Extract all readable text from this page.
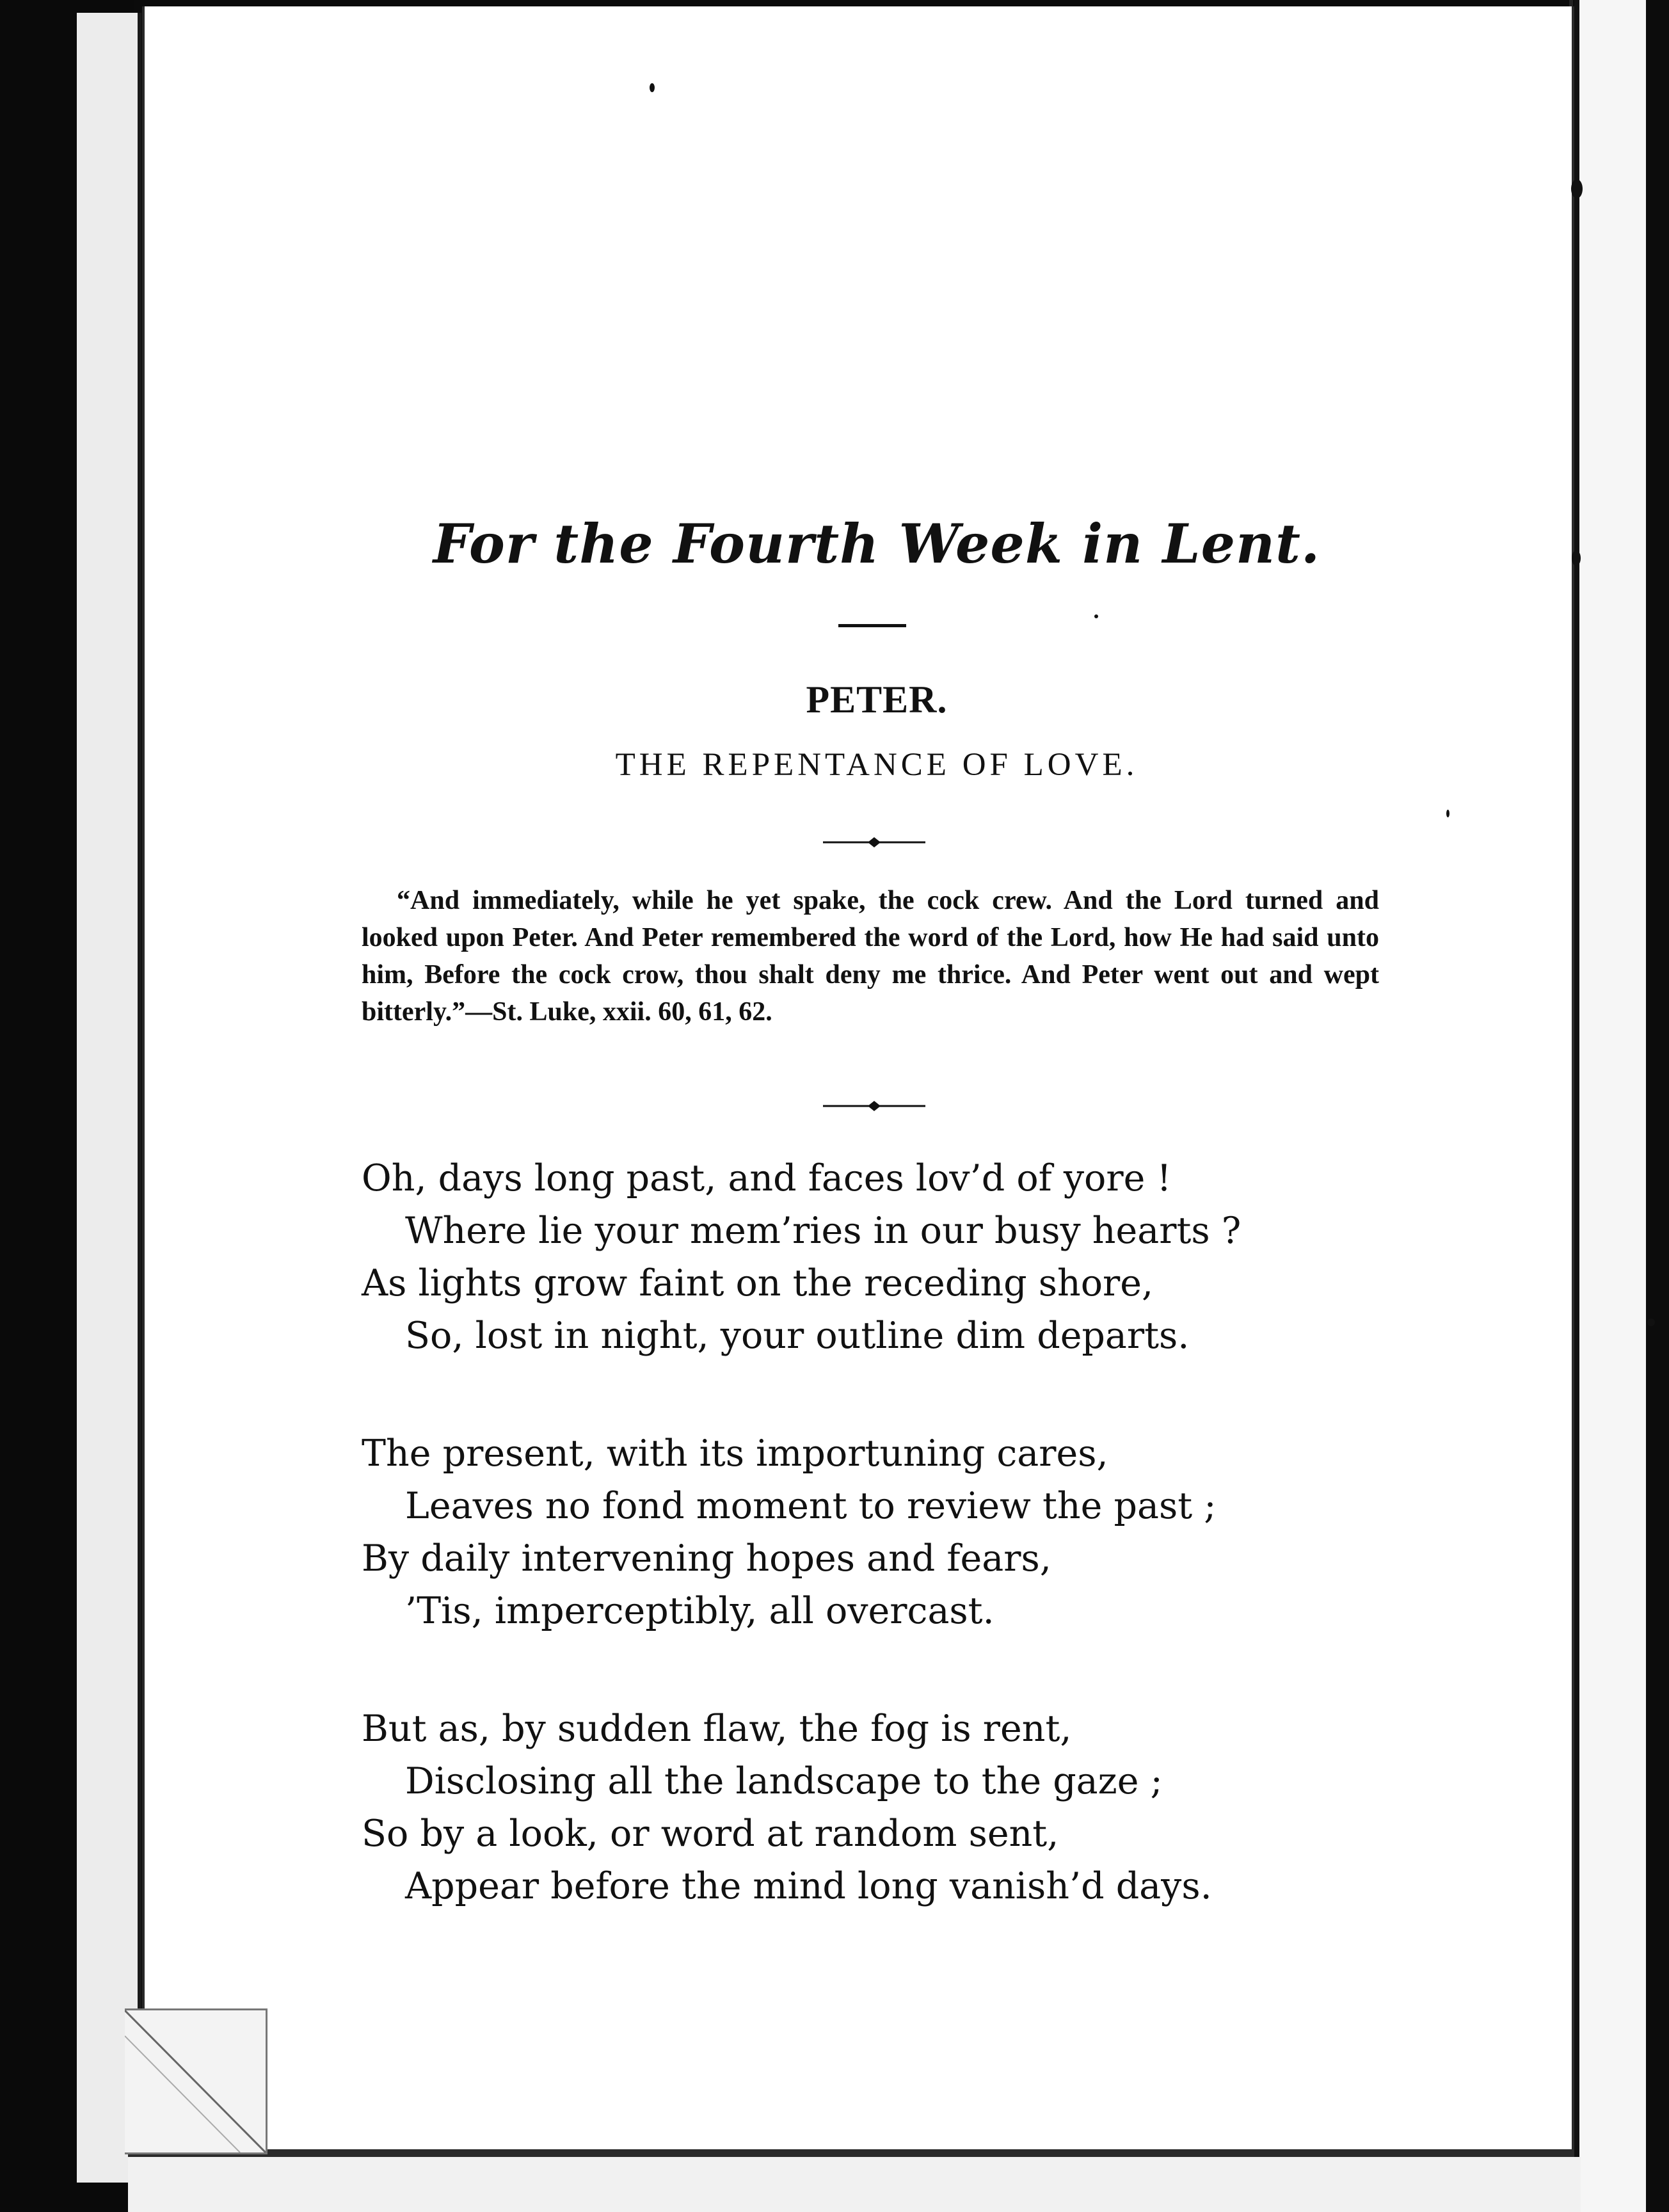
For the Fourth Week in Lent.
PETER.
THE REPENTANCE OF LOVE.
“And immediately, while he yet spake, the cock crew. And the Lord turned and looked upon Peter. And Peter remembered the word of the Lord, how He had said unto him, Before the cock crow, thou shalt deny me thrice. And Peter went out and wept bitterly.”—St. Luke, xxii. 60, 61, 62.
Oh, days long past, and faces lov’d of yore !
Where lie your mem’ries in our busy hearts ?
As lights grow faint on the receding shore,
So, lost in night, your outline dim departs.
The present, with its importuning cares,
Leaves no fond moment to review the past ;
By daily intervening hopes and fears,
’Tis, imperceptibly, all overcast.
But as, by sudden flaw, the fog is rent,
Disclosing all the landscape to the gaze ;
So by a look, or word at random sent,
Appear before the mind long vanish’d days.
